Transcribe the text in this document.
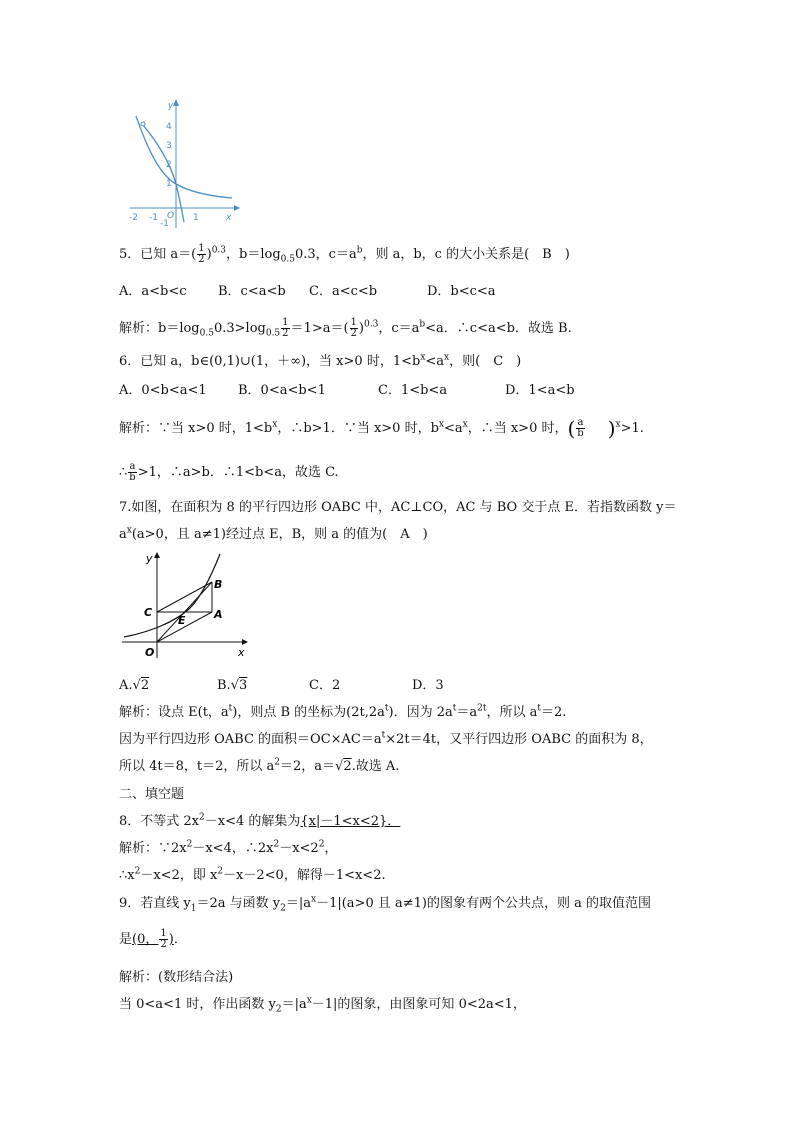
y
x
4
3
2
1
-1
-2 -1 O 1
5．已知 $a=( \frac{1}{2} )^{0.3}$，$b=\log_{0.5}0.3$，$c=a^b$，则 a，b，c 的大小关系是(　B　)
A．a<b<c B．c<a<b C．a<c<b	D．b<c<a
解析：$b=\log_{0.5}0.3>\log_{0.5} \frac{1}{2} =1>a=( \frac{1}{2} )^{0.3}$，$c=a^b<a$．∴c<a<b．故选 B.
6．已知 a，b∈(0,1)∪(1，＋∞)，当 x>0 时，$1<b^x<a^x$，则(　C　)
A．0<b<a<1 B．0<a<b<1	C．1<b<a	D．1<a<b
解析：∵当 x>0 时，$1<b^x$，∴b>1．∵当 x>0 时，$b^x<a^x$，∴当 x>0 时，( $\frac{a}{b} )^x>1$.
∴ $\frac{a}{b} >1$，∴a>b．∴1<b<a，故选 C.
7.如图，在面积为 8 的平行四边形 OABC 中，AC⊥CO，AC 与 BO 交于点 E．若指数函数 y＝
$a^x(a>0$，且 a≠1)经过点 E，B，则 a 的值为(　A　)
y
x
B
C	A
E
O
A.√2	B.√3	C．2	D．3
解析：设点 E(t，$a^t$)，则点 B 的坐标为$(2t,2a^t)$．因为 $2a^t=a^{2t}$，所以 $a^t=2$.
因为平行四边形 OABC 的面积$=OC\times AC=a^t\times 2t=4t$，又平行四边形 OABC 的面积为 8，
所以 4t＝8，t＝2，所以 $a^2=2$，a＝√2.故选 A.
二、填空题
8．不等式 $2x^2-x<4$ 的解集为{x|－1<x<2}．
解析：$\because 2x^2-x<4$，$\therefore 2x^2-x<2^2$，
$\therefore x^2-x<2$，即 $x^2-x-2<0$，解得－1<x<2.
9．若直线 $y_1=2a$ 与函数 $y_2=|a^x-1|(a>0$ 且 a≠1)的图象有两个公共点，则 a 的取值范围
是(0， $\frac{1}{2}$ )．
解析：(数形结合法)
当 0<a<1 时，作出函数 $y_2=|a^x-1|$的图象，由图象可知 0<2a<1，
